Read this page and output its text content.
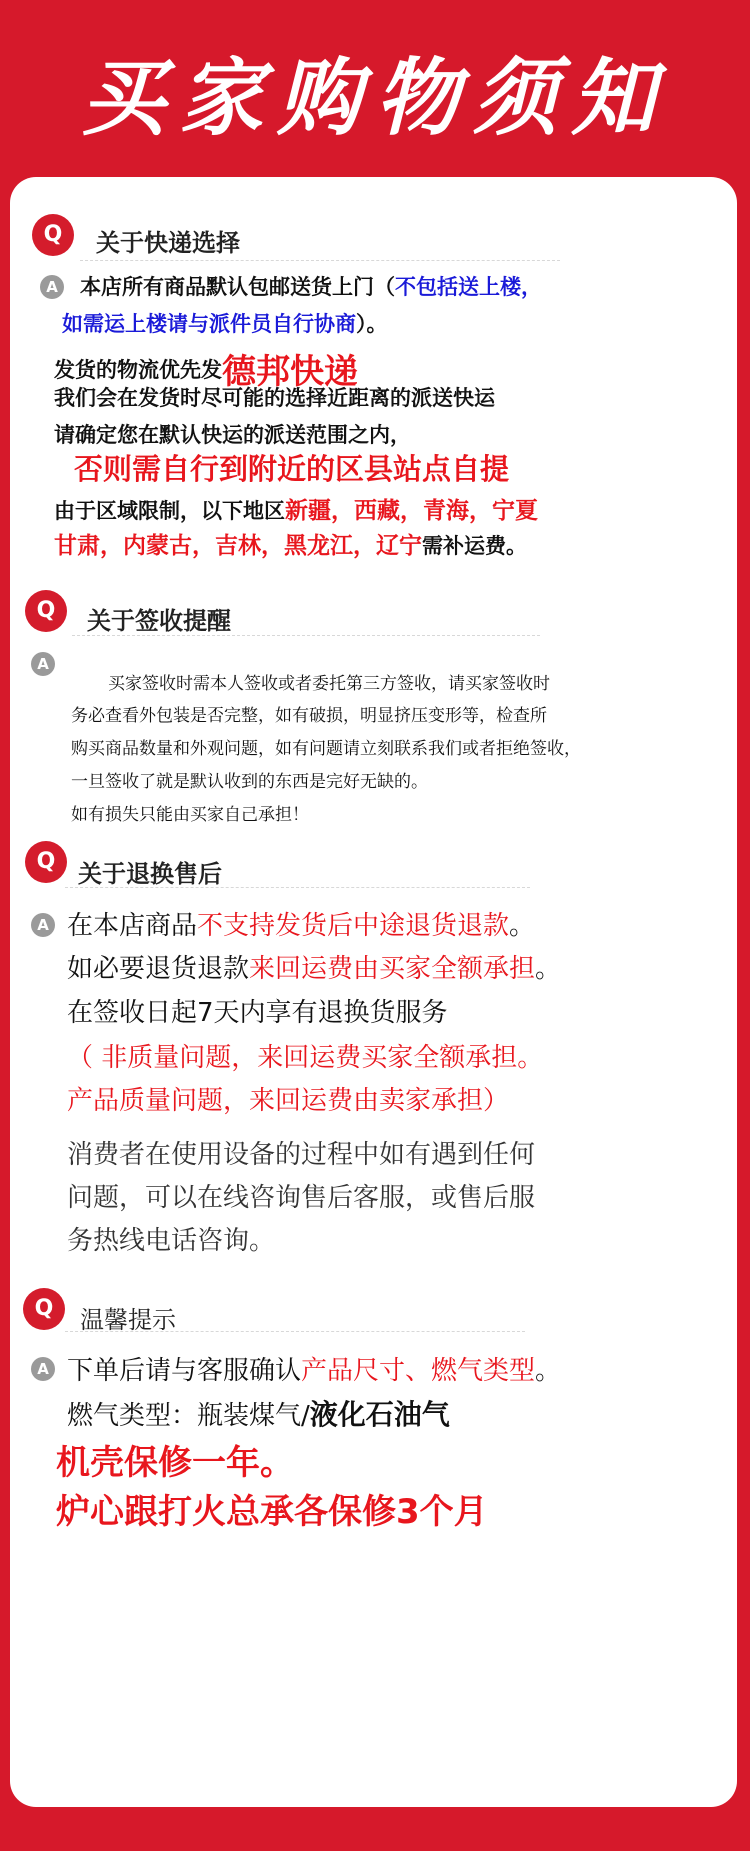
买家购物须知
Q	关于快递选择
A 本店所有商品默认包邮送货上门（不包括送上楼，
如需运上楼请与派件员自行协商）。
发货的物流优先发德邦快递
我们会在发货时尽可能的选择近距离的派送快运
请确定您在默认快运的派送范围之内，
否则需自行到附近的区县站点自提
由于区域限制，以下地区新疆，西藏，青海，宁夏
甘肃，内蒙古，吉林，黑龙江，辽宁需补运费。
Q	关于签收提醒
A
买家签收时需本人签收或者委托第三方签收，请买家签收时
务必查看外包装是否完整，如有破损，明显挤压变形等，检查所
购买商品数量和外观问题，如有问题请立刻联系我们或者拒绝签收，
一旦签收了就是默认收到的东西是完好无缺的。
如有损失只能由买家自己承担！
Q 关于退换售后
A 在本店商品不支持发货后中途退货退款。
如必要退货退款来回运费由买家全额承担。
在签收日起7天内享有退换货服务
（ 非质量问题，来回运费买家全额承担。
产品质量问题，来回运费由卖家承担）
消费者在使用设备的过程中如有遇到任何
问题，可以在线咨询售后客服，或售后服
务热线电话咨询。
Q	温馨提示
A 下单后请与客服确认产品尺寸、燃气类型。
燃气类型：瓶装煤气/液化石油气
机壳保修一年。
炉心跟打火总承各保修3个月
